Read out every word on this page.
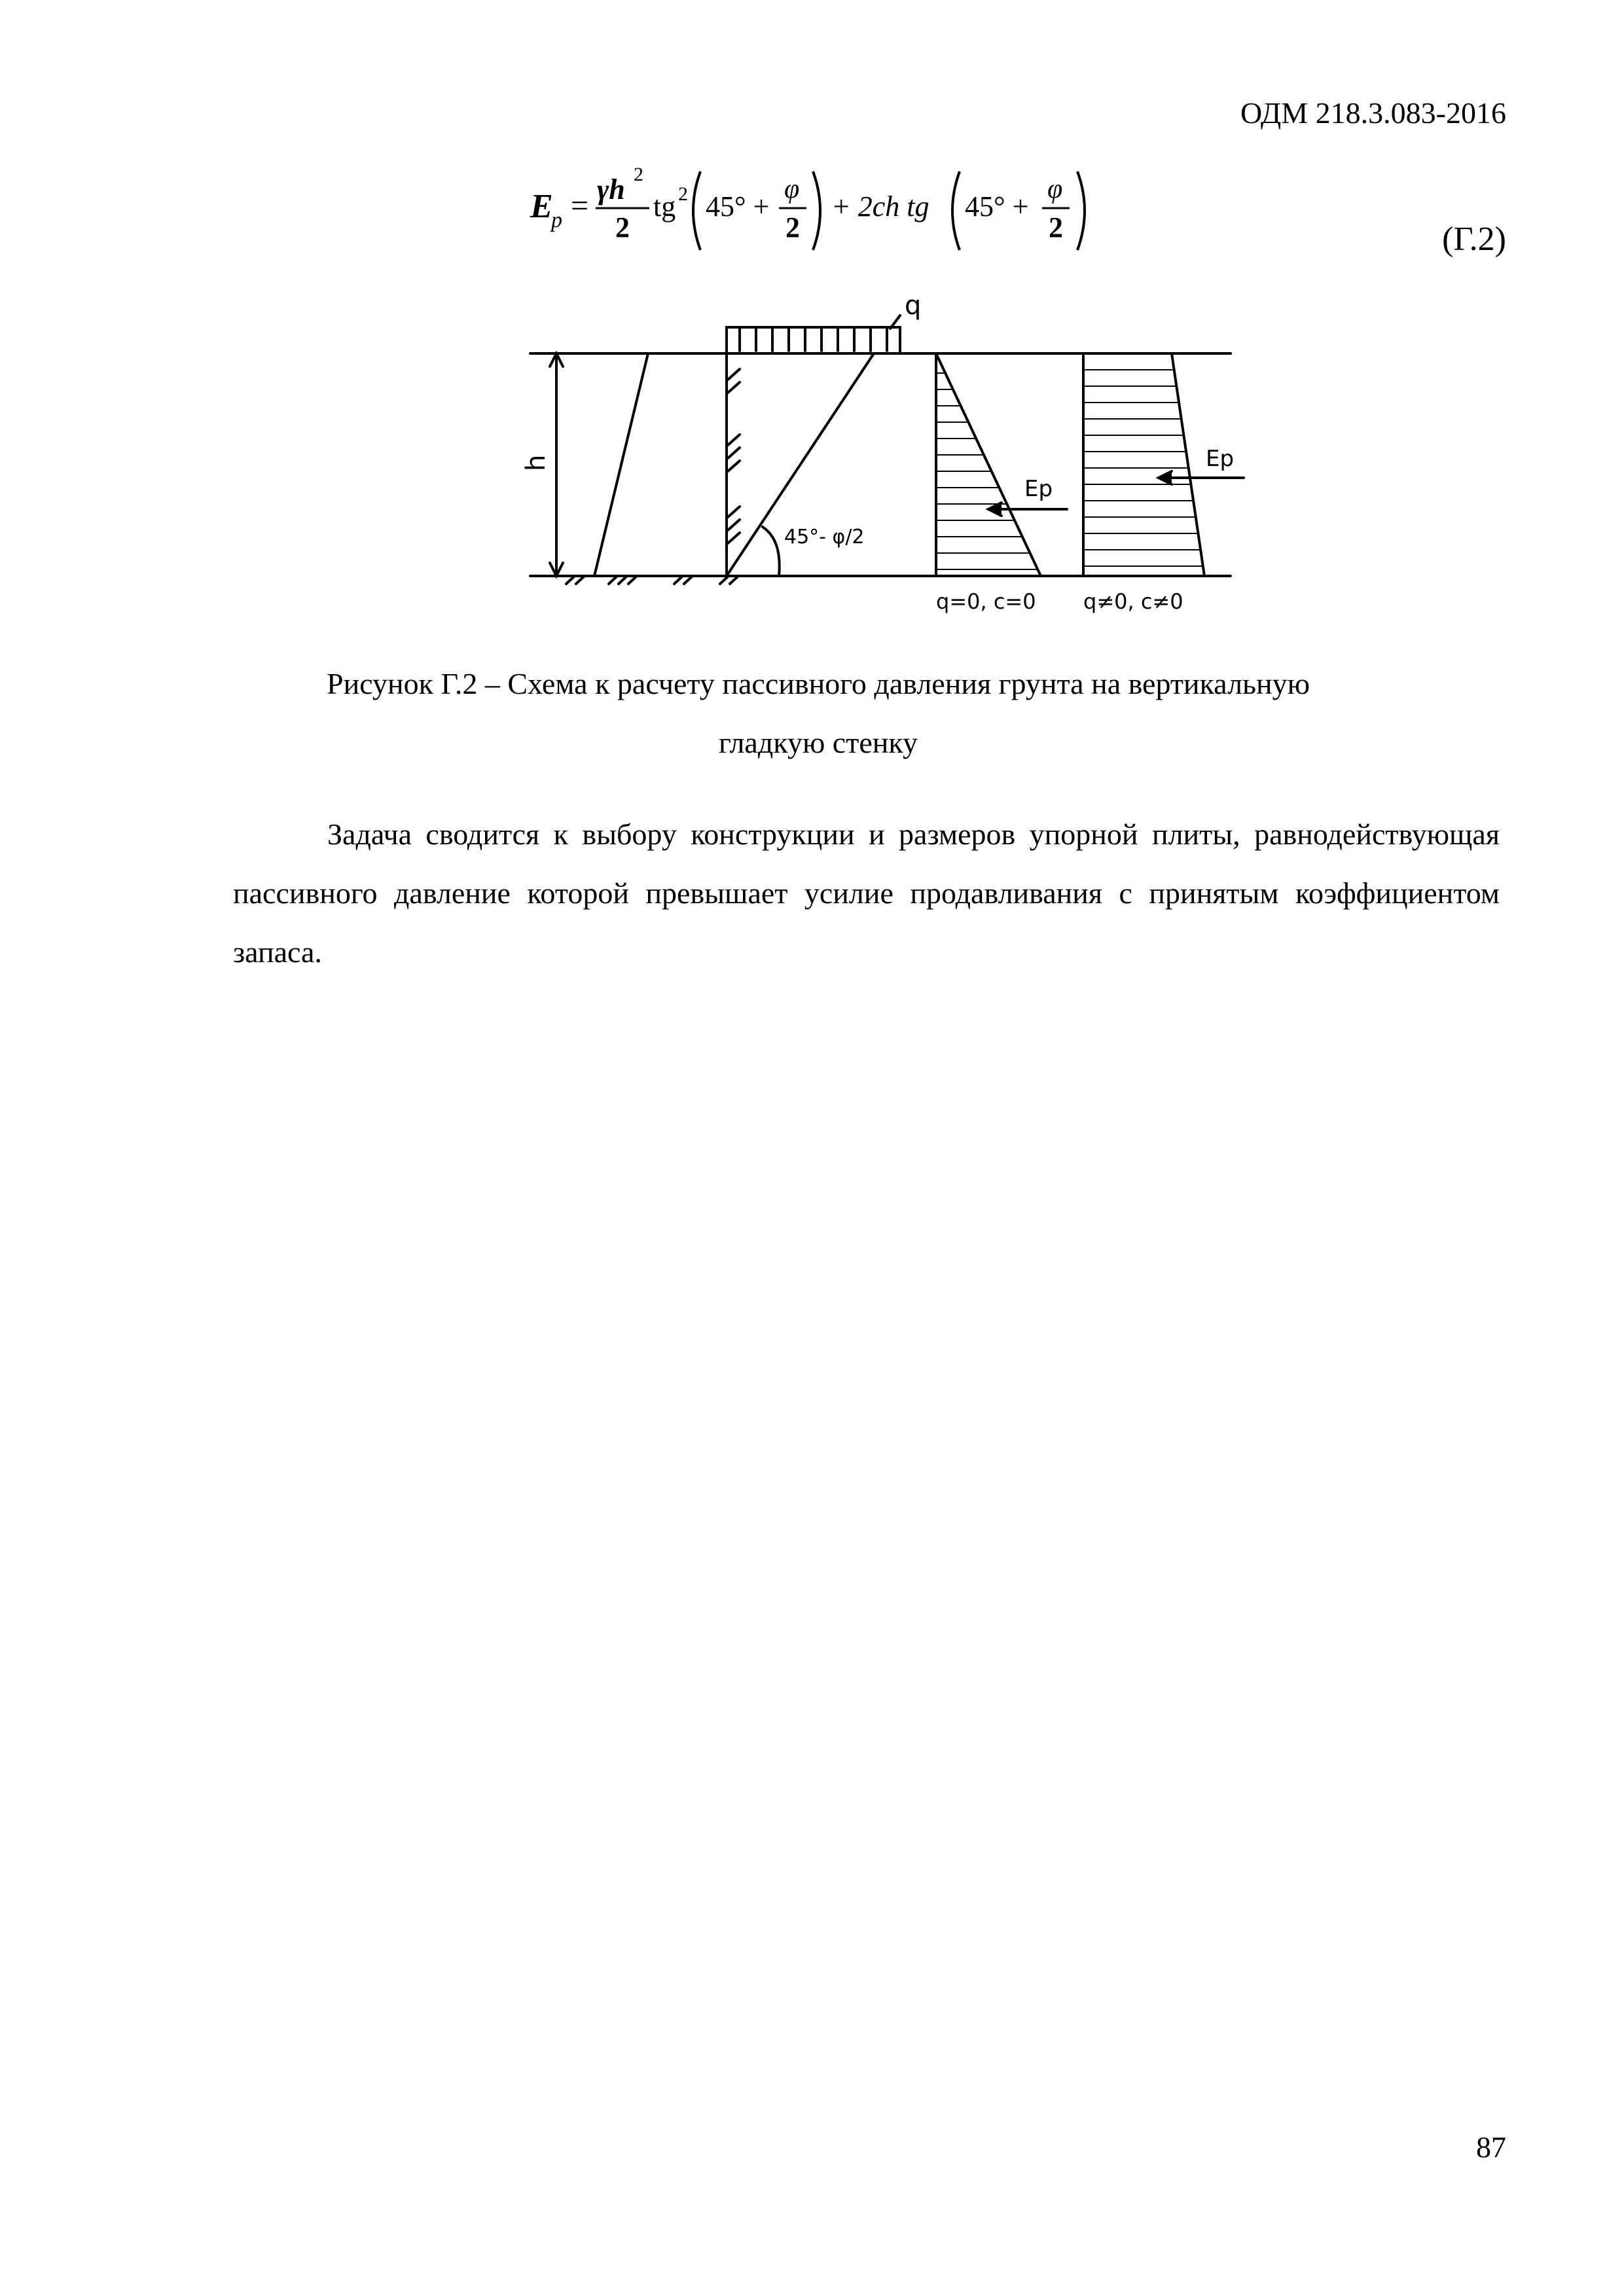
ОДМ 218.3.083-2016
E
p = γh 2
2
tg 2 45° +
φ
2
+ 2ch tg 45° +
φ
2	(Г.2)
q
h
45°- φ/2
Ep
Ep
q=0, c=0 q≠0, c≠0
Рисунок Г.2 – Схема к расчету пассивного давления грунта на вертикальную
гладкую стенку

Задача сводится к выбору конструкции и размеров упорной плиты, равнодействующая пассивного давление которой превышает усилие продавливания с принятым коэффициентом запаса.

87
